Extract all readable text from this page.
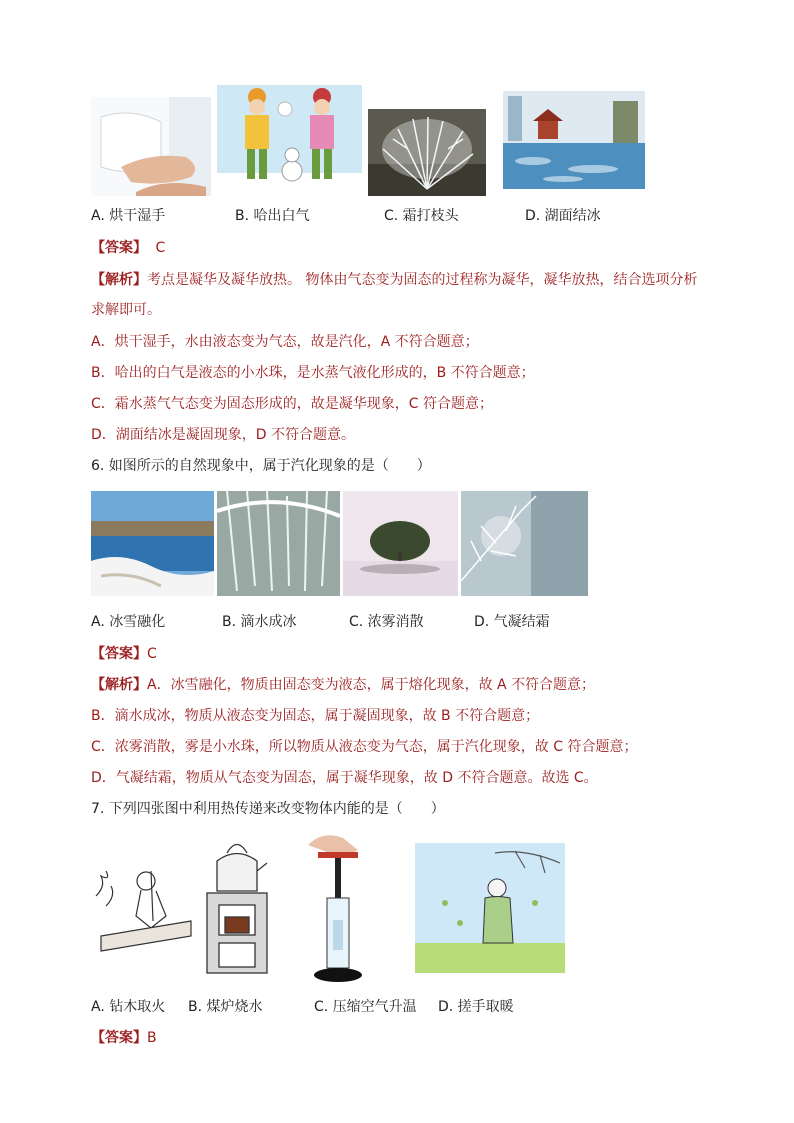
A. 烘干湿手	B. 哈出白气	C. 霜打枝头	D. 湖面结冰
【答案】 C
【解析】考点是凝华及凝华放热。 物体由气态变为固态的过程称为凝华，凝华放热，结合选项分析
求解即可。
A．烘干湿手，水由液态变为气态，故是汽化，A 不符合题意；
B．哈出的白气是液态的小水珠，是水蒸气液化形成的，B 不符合题意；
C．霜水蒸气气态变为固态形成的，故是凝华现象，C 符合题意；
D．湖面结冰是凝固现象，D 不符合题意。
6. 如图所示的自然现象中，属于汽化现象的是（　　）
A. 冰雪融化	B. 滴水成冰	C. 浓雾消散	D. 气凝结霜
【答案】C
【解析】A．冰雪融化，物质由固态变为液态，属于熔化现象，故 A 不符合题意；
B．滴水成冰，物质从液态变为固态，属于凝固现象，故 B 不符合题意；
C．浓雾消散，雾是小水珠，所以物质从液态变为气态，属于汽化现象，故 C 符合题意；
D．气凝结霜，物质从气态变为固态，属于凝华现象，故 D 不符合题意。故选 C。
7. 下列四张图中利用热传递来改变物体内能的是（　　）
A. 钻木取火 B. 煤炉烧水	C. 压缩空气升温 D. 搓手取暖
【答案】B
